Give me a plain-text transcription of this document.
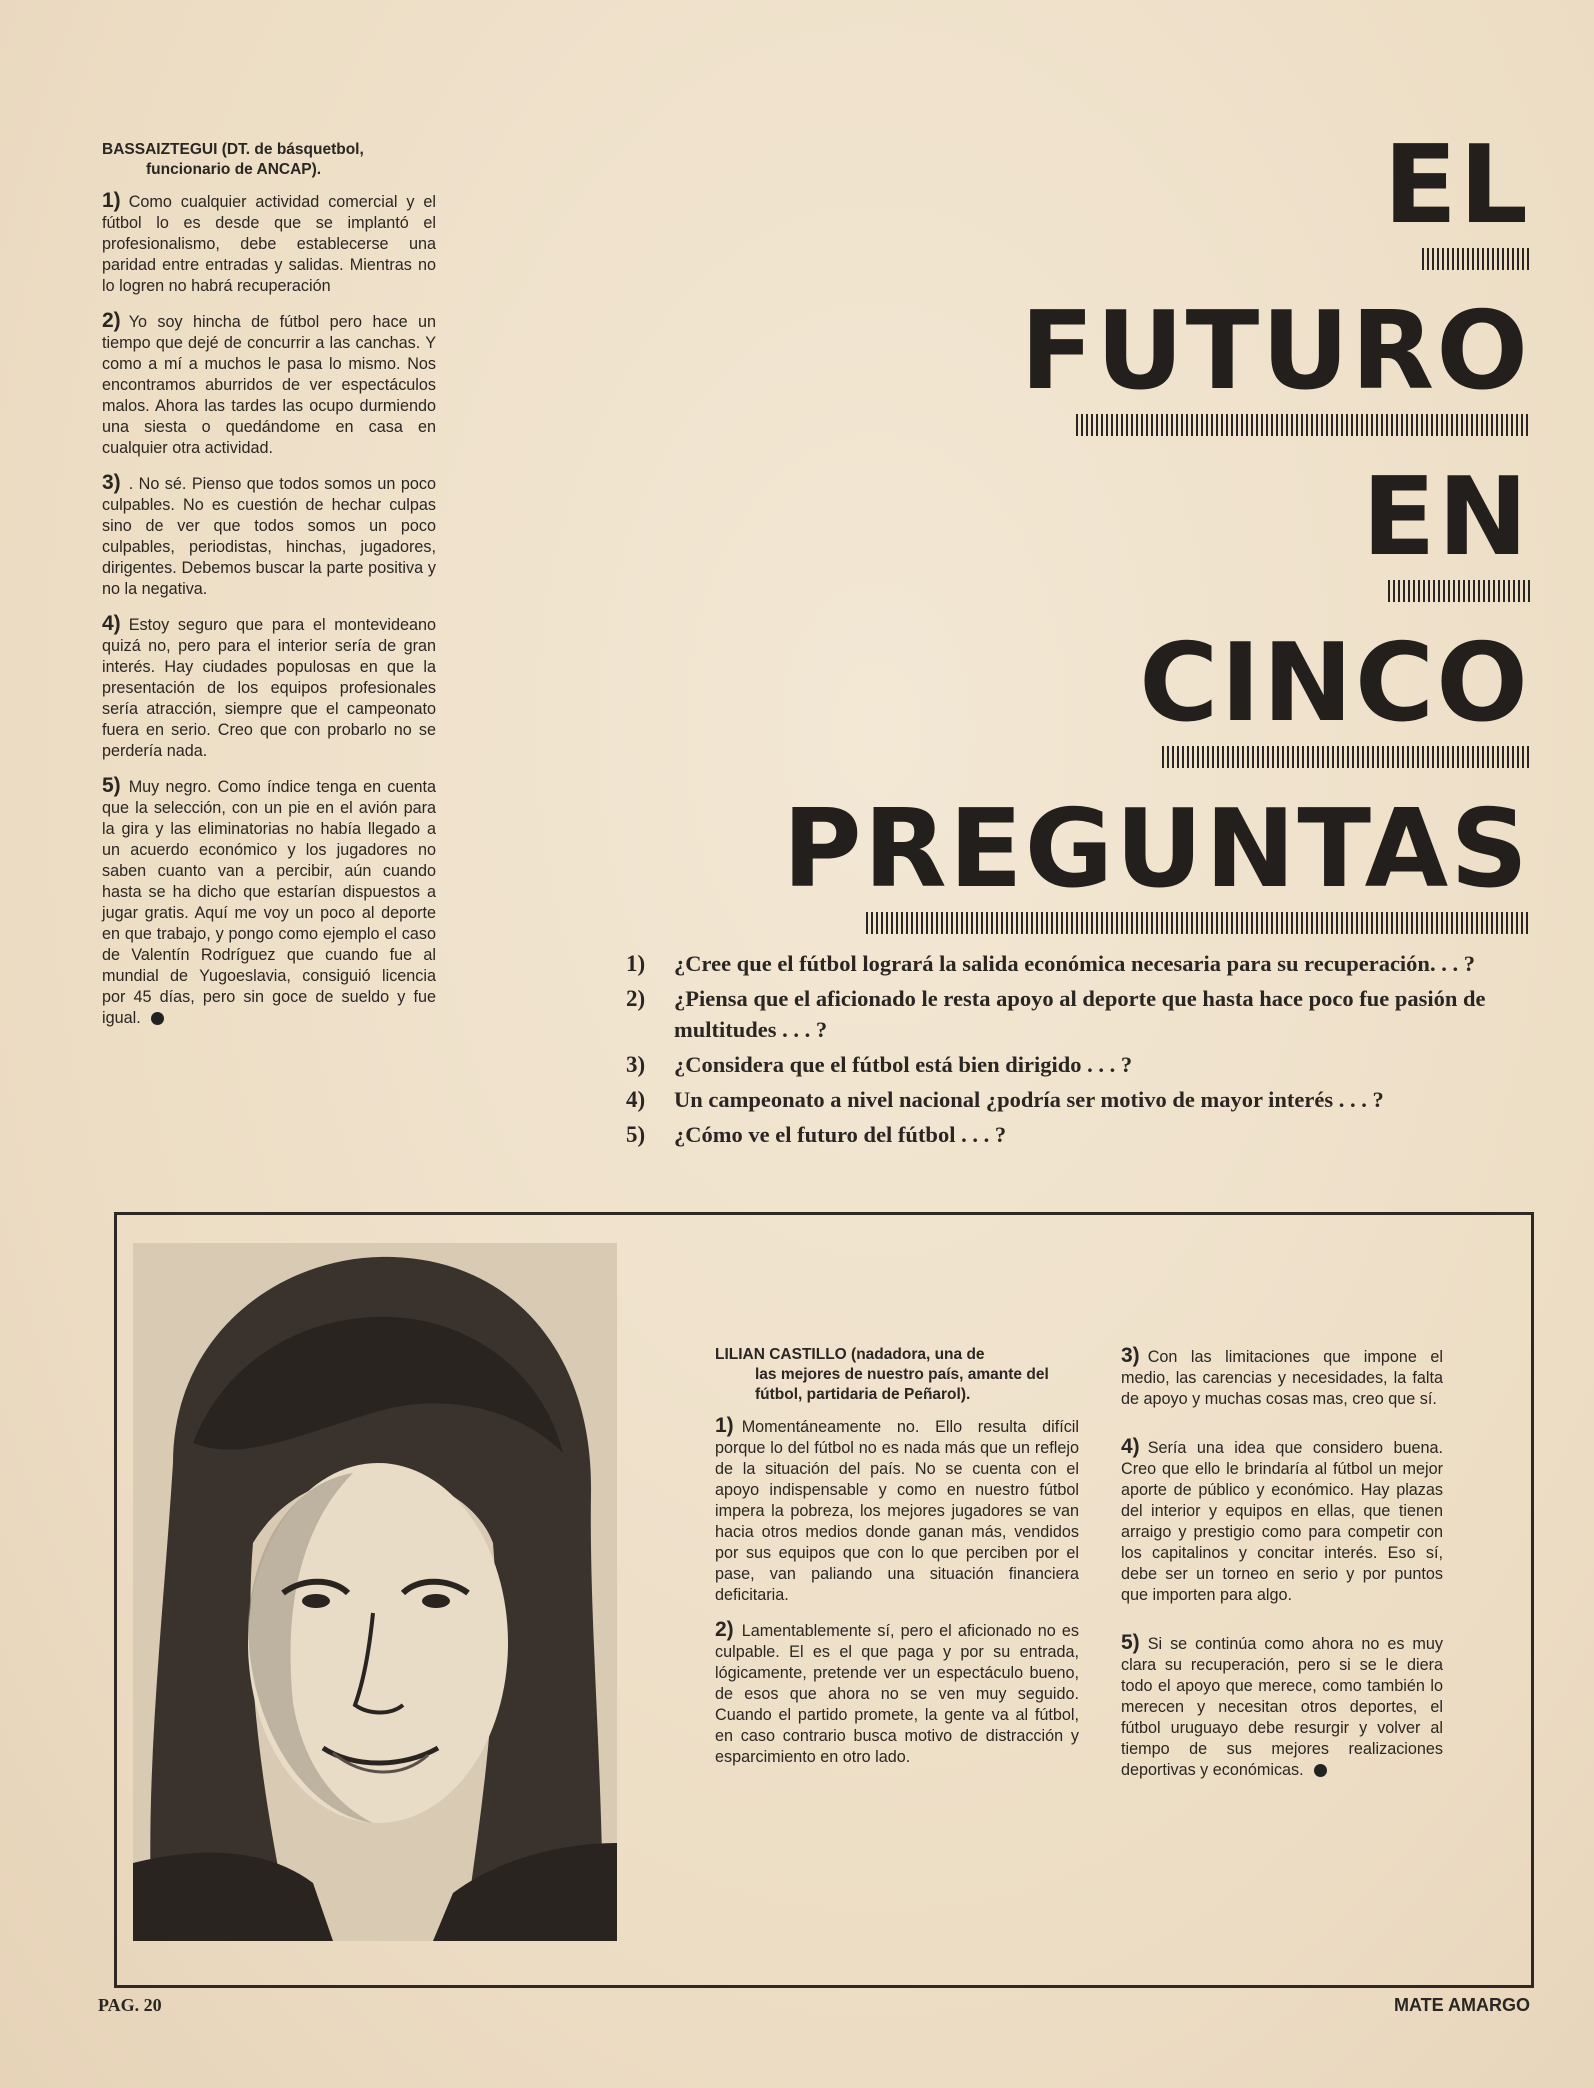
BASSAIZTEGUI (DT. de básquetbol,
funcionario de ANCAP).

1) Como cualquier actividad comercial y el fútbol lo es desde que se implantó el profesionalismo, debe establecerse una paridad entre entradas y salidas. Mientras no lo logren no habrá recuperación

2) Yo soy hincha de fútbol pero hace un tiempo que dejé de concurrir a las canchas. Y como a mí a muchos le pasa lo mismo. Nos encontramos aburridos de ver espectáculos malos. Ahora las tardes las ocupo durmiendo una siesta o quedándome en casa en cualquier otra actividad.

3) . No sé. Pienso que todos somos un poco culpables. No es cuestión de hechar culpas sino de ver que todos somos un poco culpables, periodistas, hinchas, jugadores, dirigentes. Debemos buscar la parte positiva y no la negativa.

4) Estoy seguro que para el montevideano quizá no, pero para el interior sería de gran interés. Hay ciudades populosas en que la presentación de los equipos profesionales sería atracción, siempre que el campeonato fuera en serio. Creo que con probarlo no se perdería nada.

5) Muy negro. Como índice tenga en cuenta que la selección, con un pie en el avión para la gira y las eliminatorias no había llegado a un acuerdo económico y los jugadores no saben cuanto van a percibir, aún cuando hasta se ha dicho que estarían dispuestos a jugar gratis. Aquí me voy un poco al deporte en que trabajo, y pongo como ejemplo el caso de Valentín Rodríguez que cuando fue al mundial de Yugoeslavia, consiguió licencia por 45 días, pero sin goce de sueldo y fue igual.

EL
FUTURO
EN
CINCO
PREGUNTAS
1)	¿Cree que el fútbol logrará la salida económica necesaria para su recuperación. . . ?
2)	¿Piensa que el aficionado le resta apoyo al deporte que hasta hace poco fue pasión de multitudes . . . ?
3)	¿Considera que el fútbol está bien dirigido . . . ?
4)	Un campeonato a nivel nacional ¿podría ser motivo de mayor interés . . . ?
5)	¿Cómo ve el futuro del fútbol . . . ?

LILIAN CASTILLO (nadadora, una de
las mejores de nuestro país, amante del fútbol, partidaria de Peñarol).

1) Momentáneamente no. Ello resulta difícil porque lo del fútbol no es nada más que un reflejo de la situación del país. No se cuenta con el apoyo indispensable y como en nuestro fútbol impera la pobreza, los mejores jugadores se van hacia otros medios donde ganan más, vendidos por sus equipos que con lo que perciben por el pase, van paliando una situación financiera deficitaria.

2) Lamentablemente sí, pero el aficionado no es culpable. El es el que paga y por su entrada, lógicamente, pretende ver un espectáculo bueno, de esos que ahora no se ven muy seguido. Cuando el partido promete, la gente va al fútbol, en caso contrario busca motivo de distracción y esparcimiento en otro lado.

3) Con las limitaciones que impone el medio, las carencias y necesidades, la falta de apoyo y muchas cosas mas, creo que sí.

4) Sería una idea que considero buena. Creo que ello le brindaría al fútbol un mejor aporte de público y económico. Hay plazas del interior y equipos en ellas, que tienen arraigo y prestigio como para competir con los capitalinos y concitar interés. Eso sí, debe ser un torneo en serio y por puntos que importen para algo.

5) Si se continúa como ahora no es muy clara su recuperación, pero si se le diera todo el apoyo que merece, como también lo merecen y necesitan otros deportes, el fútbol uruguayo debe resurgir y volver al tiempo de sus mejores realizaciones deportivas y económicas.

PAG. 20	MATE AMARGO
